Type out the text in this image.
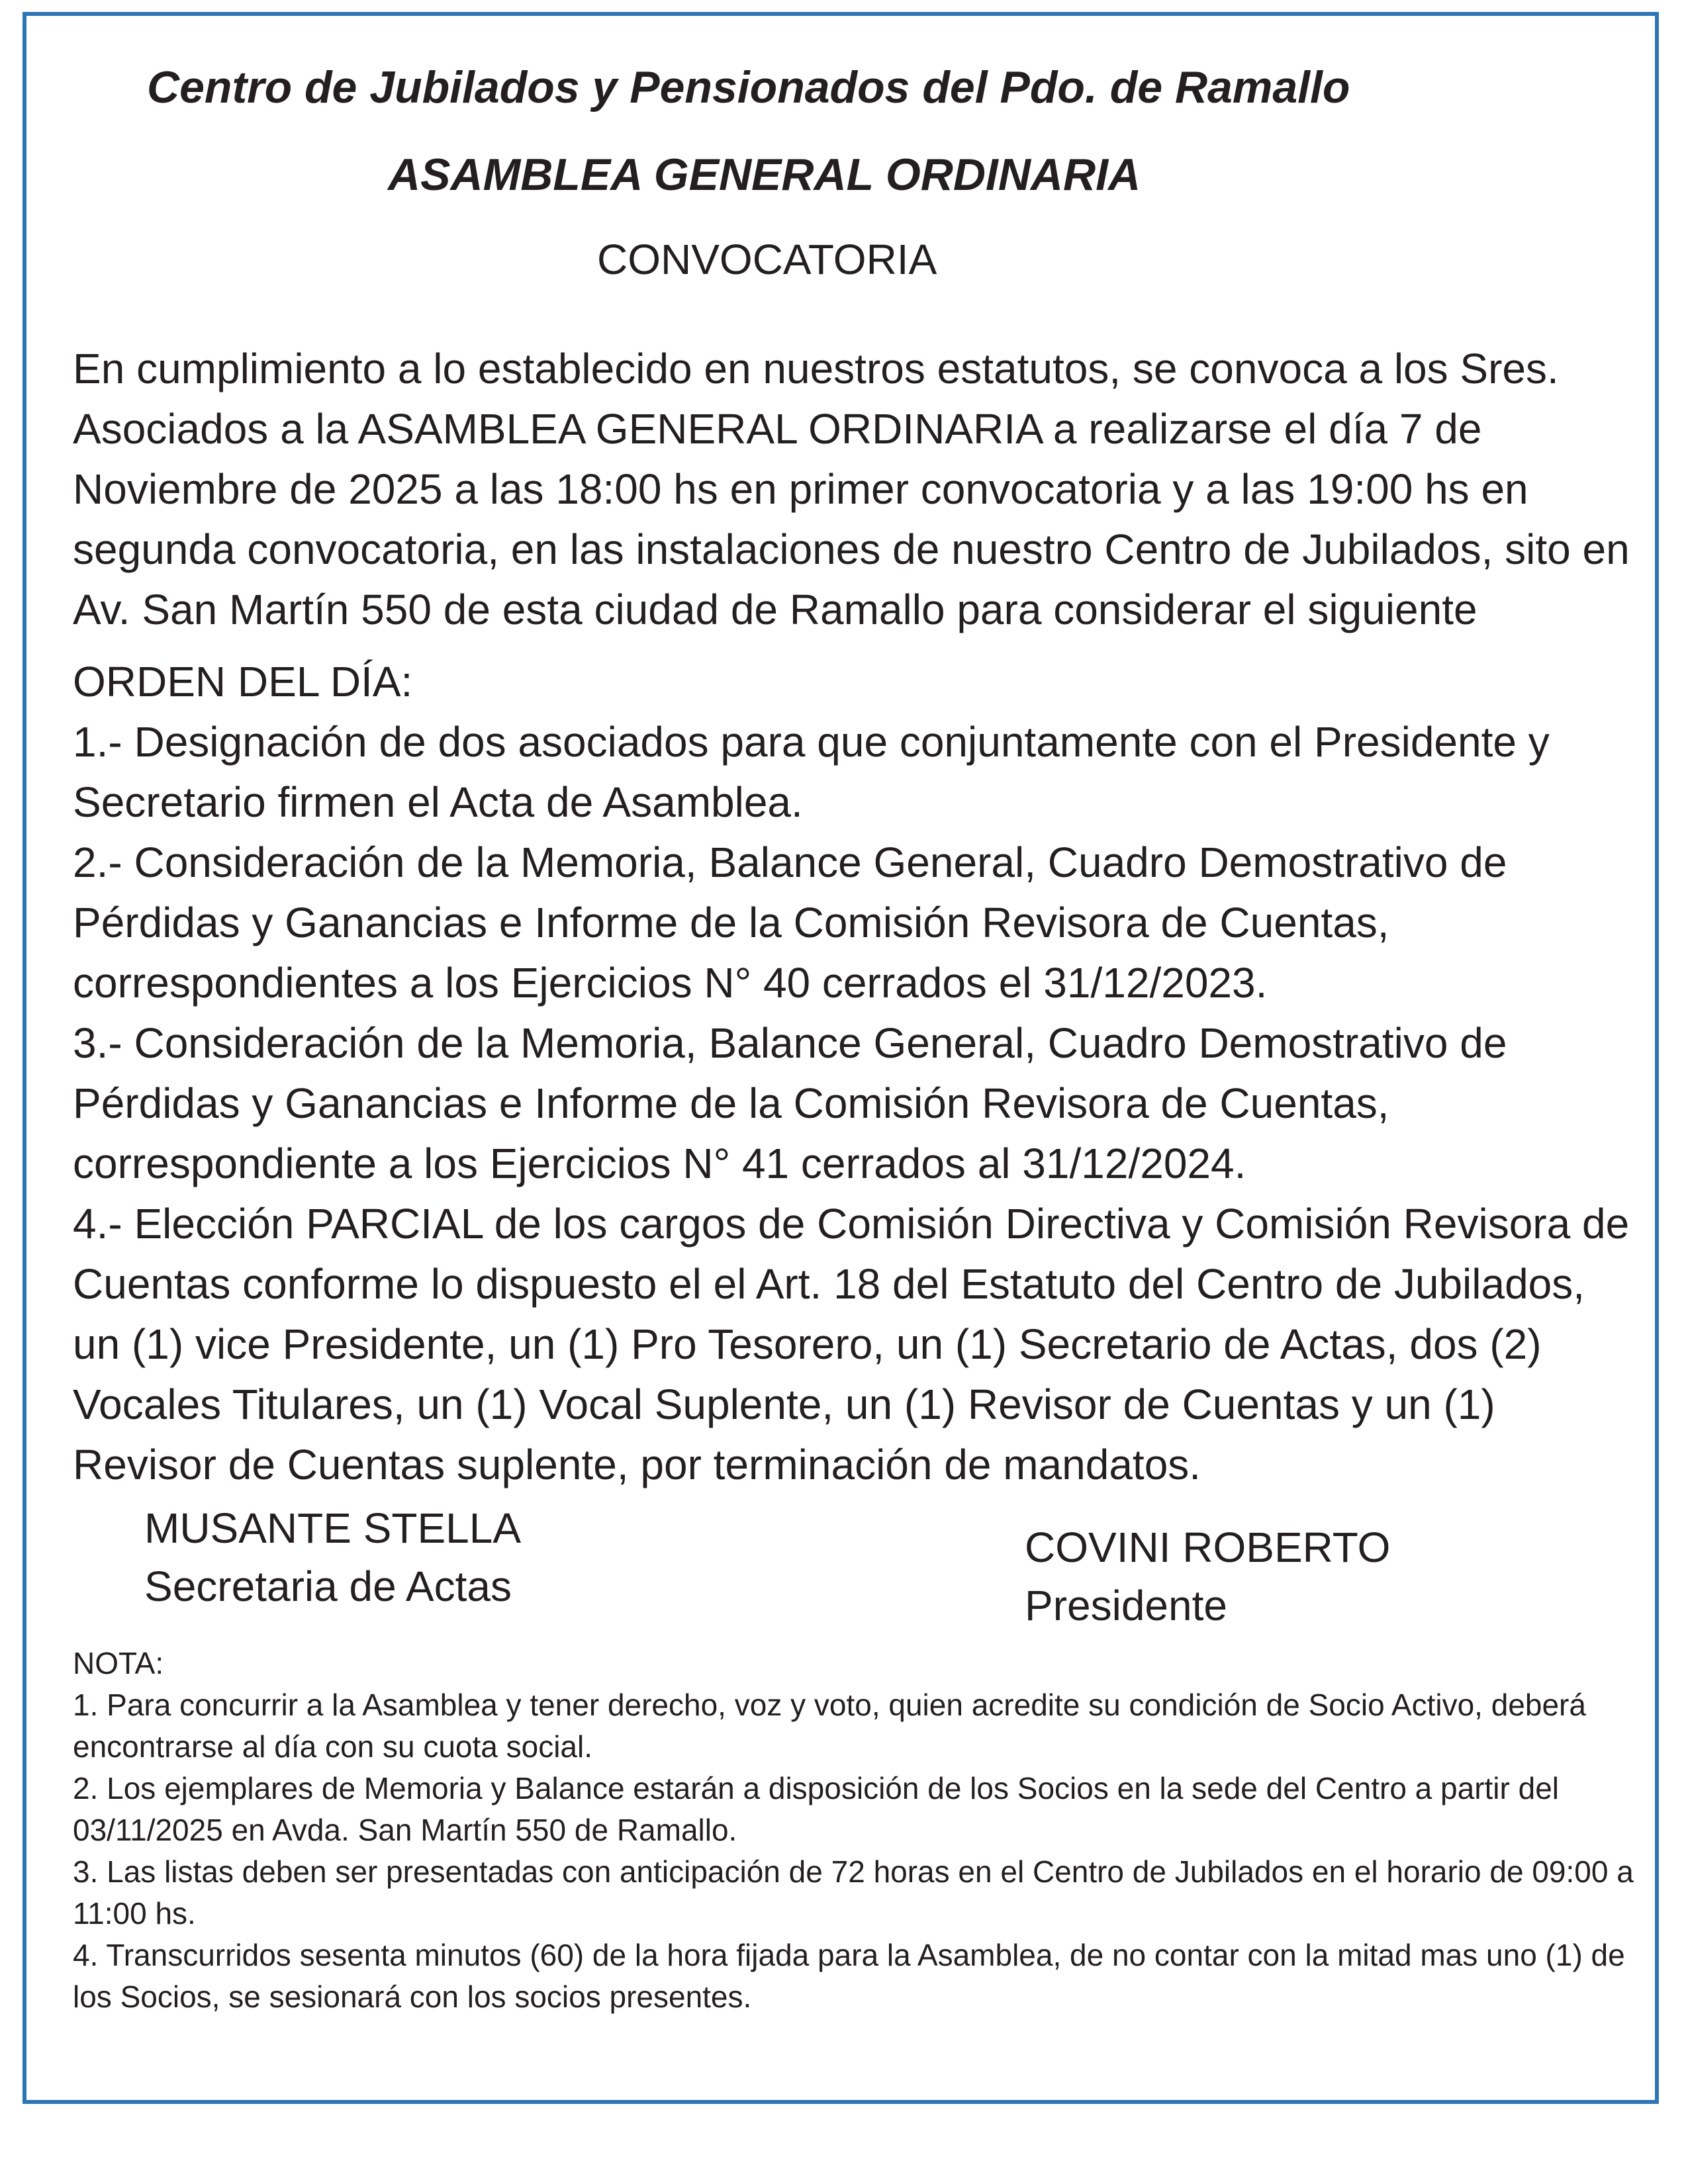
Centro de Jubilados y Pensionados del Pdo. de Ramallo
ASAMBLEA GENERAL ORDINARIA
CONVOCATORIA

En cumplimiento a lo establecido en nuestros estatutos, se convoca a los Sres. Asociados a la ASAMBLEA GENERAL ORDINARIA a realizarse el día 7 de Noviembre de 2025 a las 18:00 hs en primer convocatoria y a las 19:00 hs en segunda convocatoria, en las instalaciones de nuestro Centro de Jubilados, sito en Av. San Martín 550 de esta ciudad de Ramallo para considerar el siguiente

ORDEN DEL DÍA:
1.- Designación de dos asociados para que conjuntamente con el Presidente y Secretario firmen el Acta de Asamblea.
2.- Consideración de la Memoria, Balance General, Cuadro Demostrativo de Pérdidas y Ganancias e Informe de la Comisión Revisora de Cuentas, correspondientes a los Ejercicios N° 40 cerrados el 31/12/2023.
3.- Consideración de la Memoria, Balance General, Cuadro Demostrativo de Pérdidas y Ganancias e Informe de la Comisión Revisora de Cuentas, correspondiente a los Ejercicios N° 41 cerrados al 31/12/2024.
4.- Elección PARCIAL de los cargos de Comisión Directiva y Comisión Revisora de Cuentas conforme lo dispuesto el el Art. 18 del Estatuto del Centro de Jubilados, un (1) vice Presidente, un (1) Pro Tesorero, un (1) Secretario de Actas, dos (2) Vocales Titulares, un (1) Vocal Suplente, un (1) Revisor de Cuentas y un (1) Revisor de Cuentas suplente, por terminación de mandatos.
MUSANTE STELLA
Secretaria de Actas
COVINI ROBERTO
Presidente
NOTA:
1. Para concurrir a la Asamblea y tener derecho, voz y voto, quien acredite su condición de Socio Activo, deberá encontrarse al día con su cuota social.
2. Los ejemplares de Memoria y Balance estarán a disposición de los Socios en la sede del Centro a partir del 03/11/2025 en Avda. San Martín 550 de Ramallo.
3. Las listas deben ser presentadas con anticipación de 72 horas en el Centro de Jubilados en el horario de 09:00 a 11:00 hs.
4. Transcurridos sesenta minutos (60) de la hora fijada para la Asamblea, de no contar con la mitad mas uno (1) de los Socios, se sesionará con los socios presentes.
